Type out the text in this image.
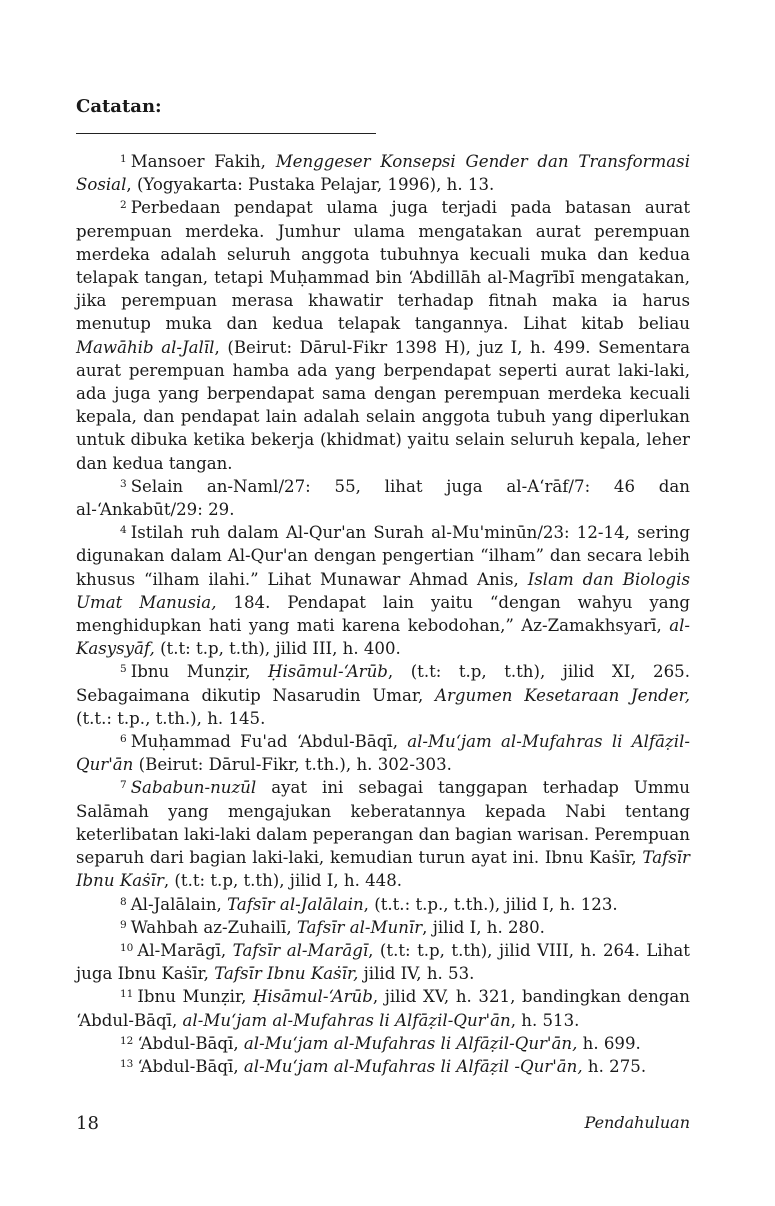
Catatan:

$^1$ Mansoer Fakih, Menggeser Konsepsi Gender dan Transformasi Sosial, (Yogyakarta: Pustaka Pelajar, 1996), h. 13.

$^2$ Perbedaan pendapat ulama juga terjadi pada batasan aurat perempuan merdeka. Jumhur ulama mengatakan aurat perempuan merdeka adalah seluruh anggota tubuhnya kecuali muka dan kedua telapak tangan, tetapi Muḥammad bin ‘Abdillāh al-Magrībī mengatakan, jika perempuan merasa khawatir terhadap fitnah maka ia harus menutup muka dan kedua telapak tangannya. Lihat kitab beliau Mawāhib al-Jalīl, (Beirut: Dārul-Fikr 1398 H), juz I, h. 499. Sementara aurat perempuan hamba ada yang berpendapat seperti aurat laki-laki, ada juga yang berpendapat sama dengan perempuan merdeka kecuali kepala, dan pendapat lain adalah selain anggota tubuh yang diperlukan untuk dibuka ketika bekerja (khidmat) yaitu selain seluruh kepala, leher dan kedua tangan.

$^3$ Selain an-Naml/27: 55, lihat juga al-A‘rāf/7: 46 dan al-‘Ankabūt/29: 29.

$^4$ Istilah ruh dalam Al-Qur'an Surah al-Mu'minūn/23: 12-14, sering digunakan dalam Al-Qur'an dengan pengertian “ilham” dan secara lebih khusus “ilham ilahi.” Lihat Munawar Ahmad Anis, Islam dan Biologis Umat Manusia, 184. Pendapat lain yaitu “dengan wahyu yang menghidupkan hati yang mati karena kebodohan,” Az-Zamakhsyarī, al-Kasysyāf, (t.t: t.p, t.th), jilid III, h. 400.

$^5$ Ibnu Munẓir, Ḥisāmul-‘Arūb, (t.t: t.p, t.th), jilid XI, 265. Sebagaimana dikutip Nasarudin Umar, Argumen Kesetaraan Jender, (t.t.: t.p., t.th.), h. 145.

$^6$ Muḥammad Fu'ad ‘Abdul-Bāqī, al-Mu‘jam al-Mufahras li Alfāẓil-Qur'ān (Beirut: Dārul-Fikr, t.th.), h. 302-303.

$^7$ Sababun-nuzūl ayat ini sebagai tanggapan terhadap Ummu Salāmah yang mengajukan keberatannya kepada Nabi tentang keterlibatan laki-laki dalam peperangan dan bagian warisan. Perempuan separuh dari bagian laki-laki, kemudian turun ayat ini. Ibnu Kaṡīr, Tafsīr Ibnu Kaṡīr, (t.t: t.p, t.th), jilid I, h. 448.

$^8$ Al-Jalālain, Tafsīr al-Jalālain, (t.t.: t.p., t.th.), jilid I, h. 123.

$^9$ Wahbah az-Zuhailī, Tafsīr al-Munīr, jilid I, h. 280.

$^{10}$ Al-Marāgī, Tafsīr al-Marāgī, (t.t: t.p, t.th), jilid VIII, h. 264. Lihat juga Ibnu Kaṡīr, Tafsīr Ibnu Kaṡīr, jilid IV, h. 53.

$^{11}$ Ibnu Munẓir, Ḥisāmul-‘Arūb, jilid XV, h. 321, bandingkan dengan ‘Abdul-Bāqī, al-Mu‘jam al-Mufahras li Alfāẓil-Qur'ān, h. 513.

$^{12}$ ‘Abdul-Bāqī, al-Mu‘jam al-Mufahras li Alfāẓil-Qur'ān, h. 699.

$^{13}$ ‘Abdul-Bāqī, al-Mu‘jam al-Mufahras li Alfāẓil -Qur'ān, h. 275.

18	Pendahuluan
